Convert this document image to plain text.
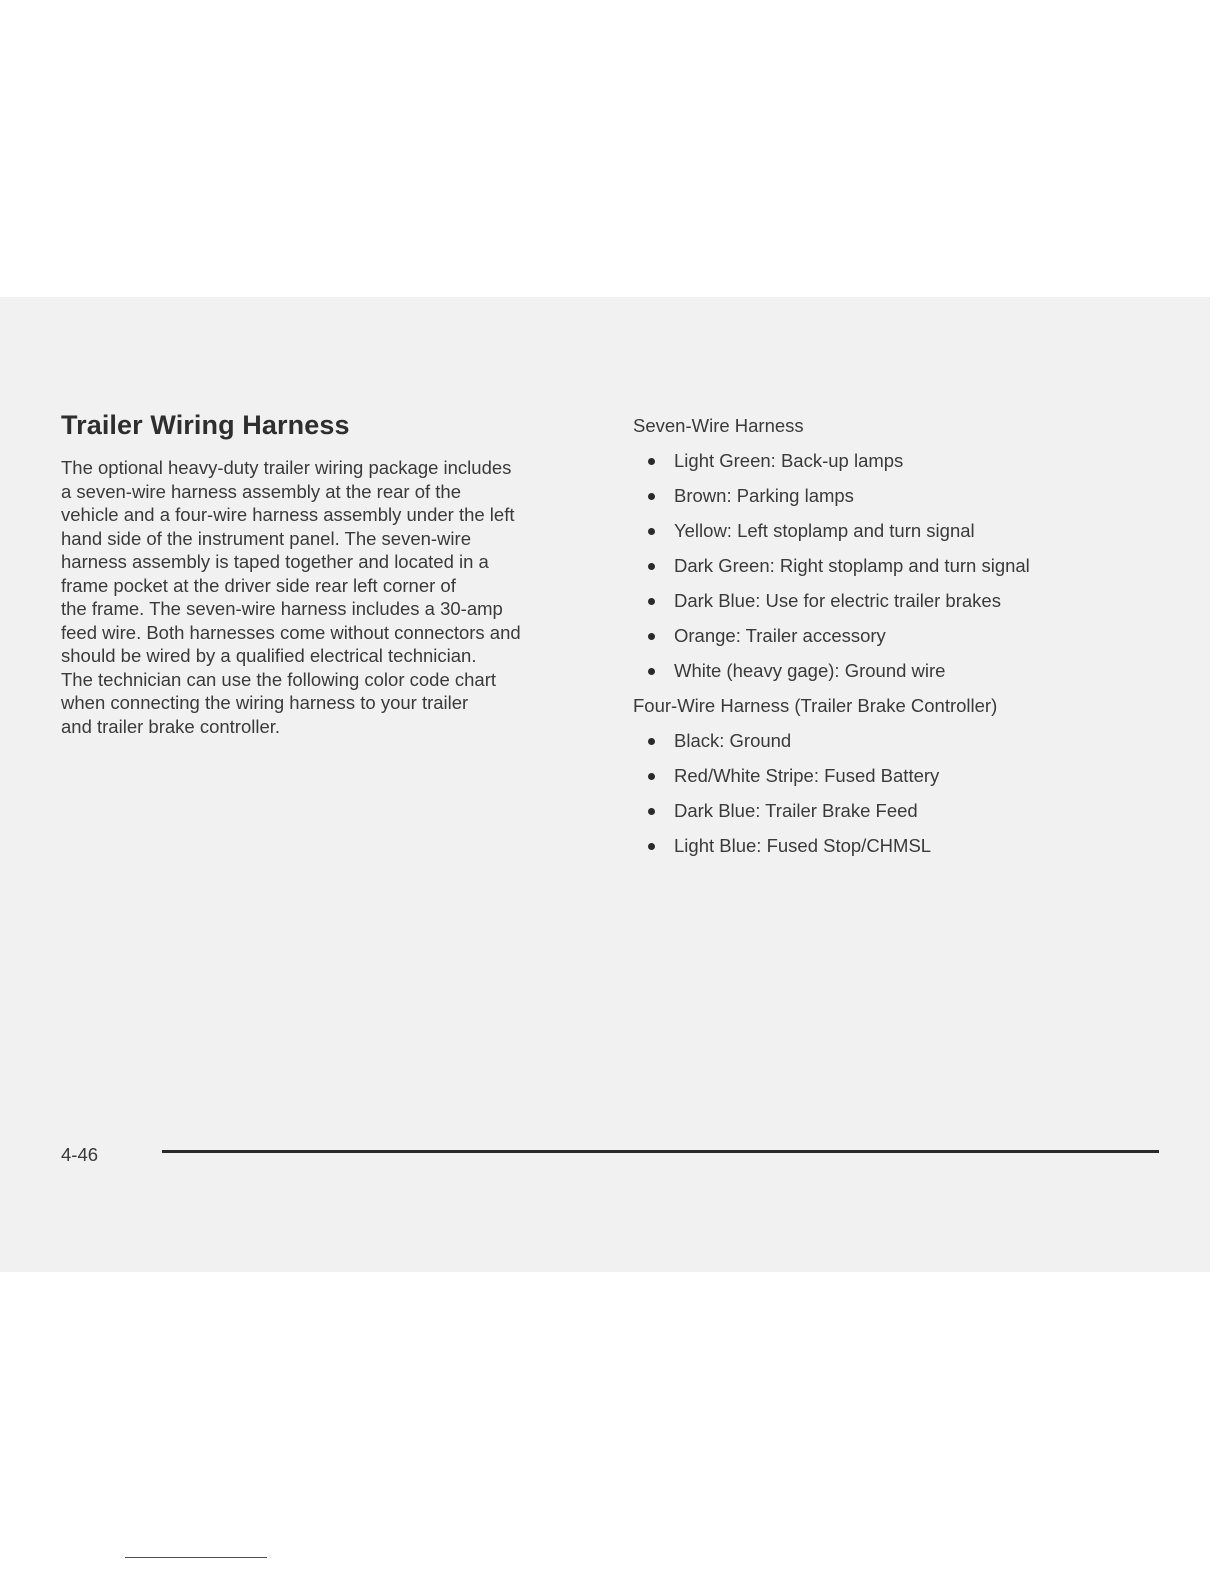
Trailer Wiring Harness

The optional heavy-duty trailer wiring package includes
a seven-wire harness assembly at the rear of the
vehicle and a four-wire harness assembly under the left
hand side of the instrument panel. The seven-wire
harness assembly is taped together and located in a
frame pocket at the driver side rear left corner of
the frame. The seven-wire harness includes a 30-amp
feed wire. Both harnesses come without connectors and
should be wired by a qualified electrical technician.
The technician can use the following color code chart
when connecting the wiring harness to your trailer
and trailer brake controller.

Seven-Wire Harness
Light Green: Back-up lamps
Brown: Parking lamps
Yellow: Left stoplamp and turn signal
Dark Green: Right stoplamp and turn signal
Dark Blue: Use for electric trailer brakes
Orange: Trailer accessory
White (heavy gage): Ground wire
Four-Wire Harness (Trailer Brake Controller)
Black: Ground
Red/White Stripe: Fused Battery
Dark Blue: Trailer Brake Feed
Light Blue: Fused Stop/CHMSL
4-46
